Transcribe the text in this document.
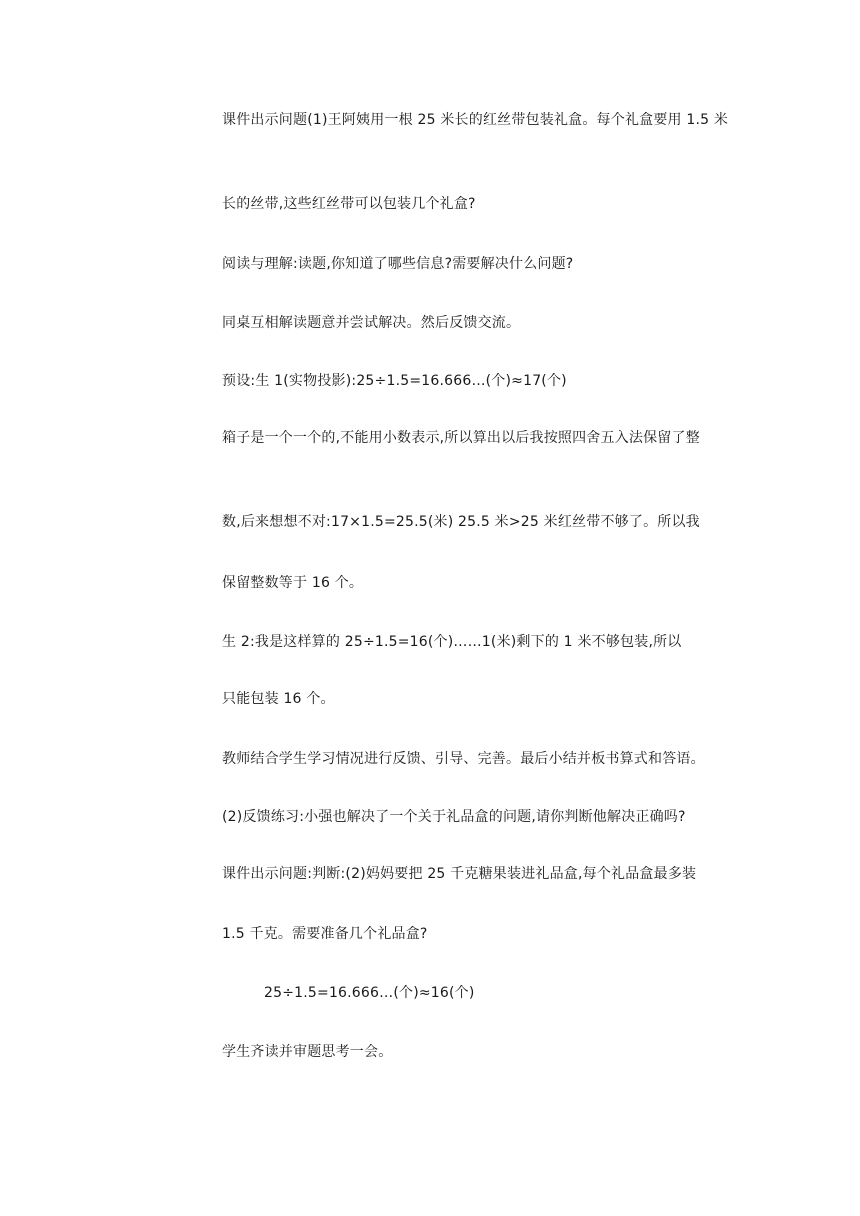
课件出示问题(1)王阿姨用一根 25 米长的红丝带包装礼盒。每个礼盒要用 1.5 米
长的丝带,这些红丝带可以包装几个礼盒?
阅读与理解:读题,你知道了哪些信息?需要解决什么问题?
同桌互相解读题意并尝试解决。然后反馈交流。
预设:生 1(实物投影):25÷1.5=16.666…(个)≈17(个)
箱子是一个一个的,不能用小数表示,所以算出以后我按照四舍五入法保留了整
数,后来想想不对:17×1.5=25.5(米) 25.5 米>25 米红丝带不够了。所以我
保留整数等于 16 个。
生 2:我是这样算的 25÷1.5=16(个)……1(米)剩下的 1 米不够包装,所以
只能包装 16 个。
教师结合学生学习情况进行反馈、引导、完善。最后小结并板书算式和答语。
(2)反馈练习:小强也解决了一个关于礼品盒的问题,请你判断他解决正确吗?
课件出示问题:判断:(2)妈妈要把 25 千克糖果装进礼品盒,每个礼品盒最多装
1.5 千克。需要准备几个礼品盒?
25÷1.5=16.666…(个)≈16(个)
学生齐读并审题思考一会。
